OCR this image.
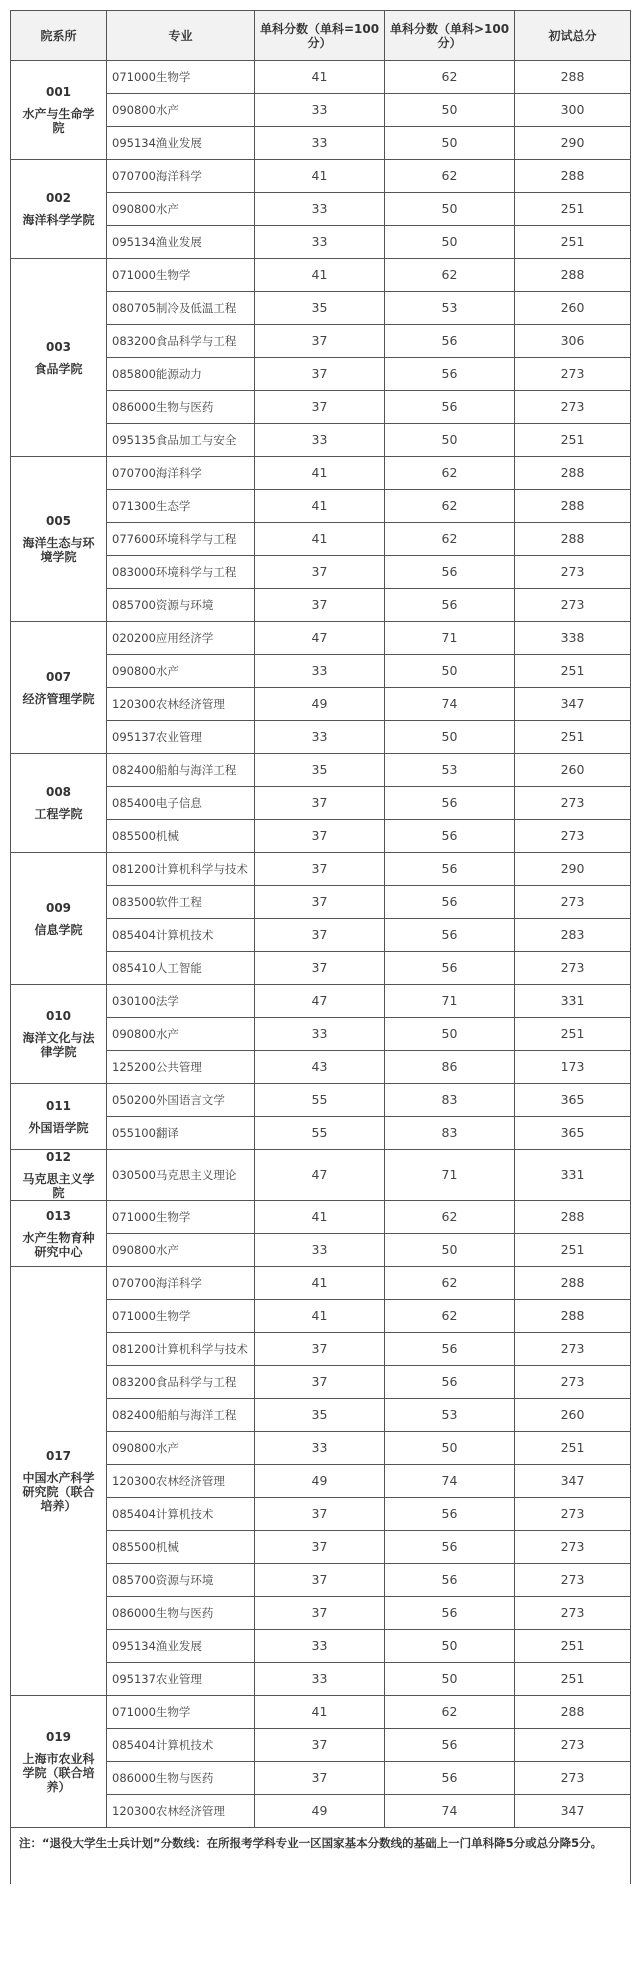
院系所	专业	单科分数（单科=100分）	单科分数（单科>100分）	初试总分

001
水产与生命学院	071000生物学	41	62	288
	090800水产	33	50	300
	095134渔业发展	33	50	290

002
海洋科学学院	070700海洋科学	41	62	288
	090800水产	33	50	251
	095134渔业发展	33	50	251

003
食品学院	071000生物学	41	62	288
	080705制冷及低温工程	35	53	260
	083200食品科学与工程	37	56	306
	085800能源动力	37	56	273
	086000生物与医药	37	56	273
	095135食品加工与安全	33	50	251

005
海洋生态与环境学院	070700海洋科学	41	62	288
	071300生态学	41	62	288
	077600环境科学与工程	41	62	288
	083000环境科学与工程	37	56	273
	085700资源与环境	37	56	273

007
经济管理学院	020200应用经济学	47	71	338
	090800水产	33	50	251
	120300农林经济管理	49	74	347
	095137农业管理	33	50	251

008
工程学院	082400船舶与海洋工程	35	53	260
	085400电子信息	37	56	273
	085500机械	37	56	273

009
信息学院	081200计算机科学与技术	37	56	290
	083500软件工程	37	56	273
	085404计算机技术	37	56	283
	085410人工智能	37	56	273

010
海洋文化与法律学院	030100法学	47	71	331
	090800水产	33	50	251
	125200公共管理	43	86	173

011
外国语学院	050200外国语言文学	55	83	365
	055100翻译	55	83	365

012
马克思主义学院	030500马克思主义理论	47	71	331

013
水产生物育种研究中心	071000生物学	41	62	288
	090800水产	33	50	251

017
中国水产科学研究院（联合培养）	070700海洋科学	41	62	288
	071000生物学	41	62	288
	081200计算机科学与技术	37	56	273
	083200食品科学与工程	37	56	273
	082400船舶与海洋工程	35	53	260
	090800水产	33	50	251
	120300农林经济管理	49	74	347
	085404计算机技术	37	56	273
	085500机械	37	56	273
	085700资源与环境	37	56	273
	086000生物与医药	37	56	273
	095134渔业发展	33	50	251
	095137农业管理	33	50	251

019
上海市农业科学院（联合培养）	071000生物学	41	62	288
	085404计算机技术	37	56	273
	086000生物与医药	37	56	273
	120300农林经济管理	49	74	347
注：“退役大学生士兵计划”分数线：在所报考学科专业一区国家基本分数线的基础上一门单科降5分或总分降5分。				
